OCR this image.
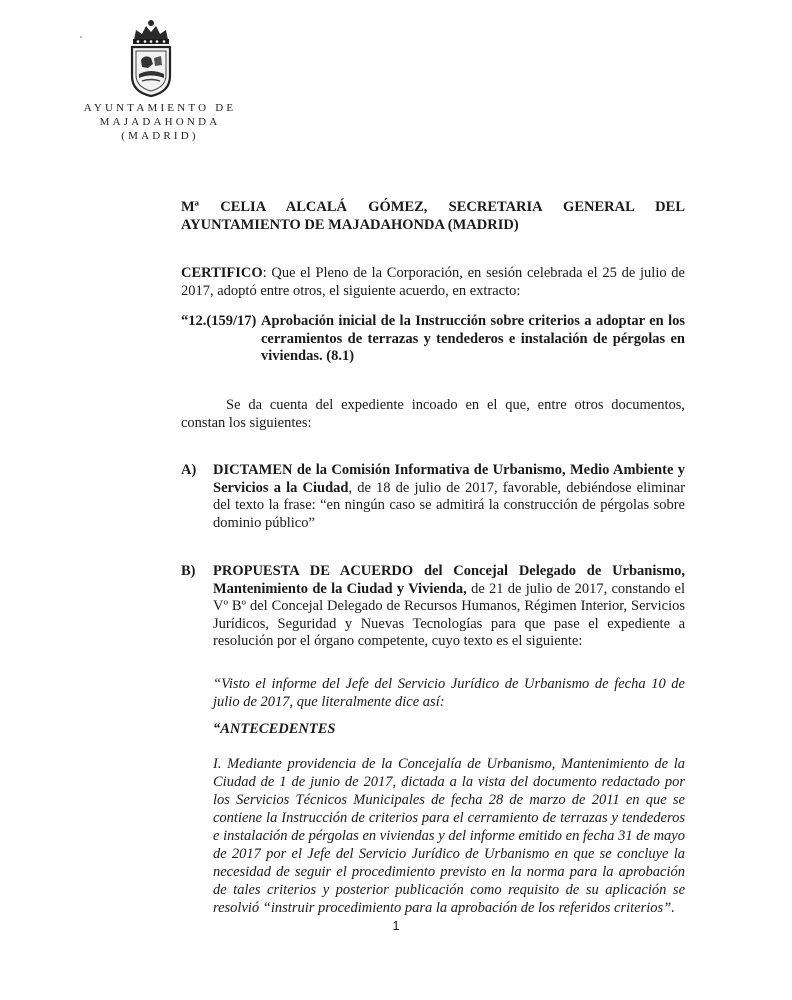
AYUNTAMIENTO DE
MAJADAHONDA
(MADRID)
Mª CELIA ALCALÁ GÓMEZ, SECRETARIA GENERAL DEL
AYUNTAMIENTO DE MAJADAHONDA (MADRID)
CERTIFICO: Que el Pleno de la Corporación, en sesión celebrada el 25 de julio de 2017, adoptó entre otros, el siguiente acuerdo, en extracto:
“12.(159/17) Aprobación inicial de la Instrucción sobre criterios a adoptar en los cerramientos de terrazas y tendederos e instalación de pérgolas en viviendas. (8.1)
Se da cuenta del expediente incoado en el que, entre otros documentos, constan los siguientes:
A) DICTAMEN de la Comisión Informativa de Urbanismo, Medio Ambiente y Servicios a la Ciudad, de 18 de julio de 2017, favorable, debiéndose eliminar del texto la frase: “en ningún caso se admitirá la construcción de pérgolas sobre dominio público”
B) PROPUESTA DE ACUERDO del Concejal Delegado de Urbanismo, Mantenimiento de la Ciudad y Vivienda, de 21 de julio de 2017, constando el Vº Bº del Concejal Delegado de Recursos Humanos, Régimen Interior, Servicios Jurídicos, Seguridad y Nuevas Tecnologías para que pase el expediente a resolución por el órgano competente, cuyo texto es el siguiente:
“Visto el informe del Jefe del Servicio Jurídico de Urbanismo de fecha 10 de julio de 2017, que literalmente dice así:
“ANTECEDENTES
I. Mediante providencia de la Concejalía de Urbanismo, Mantenimiento de la Ciudad de 1 de junio de 2017, dictada a la vista del documento redactado por los Servicios Técnicos Municipales de fecha 28 de marzo de 2011 en que se contiene la Instrucción de criterios para el cerramiento de terrazas y tendederos e instalación de pérgolas en viviendas y del informe emitido en fecha 31 de mayo de 2017 por el Jefe del Servicio Jurídico de Urbanismo en que se concluye la necesidad de seguir el procedimiento previsto en la norma para la aprobación de tales criterios y posterior publicación como requisito de su aplicación se resolvió “instruir procedimiento para la aprobación de los referidos criterios”.
1
